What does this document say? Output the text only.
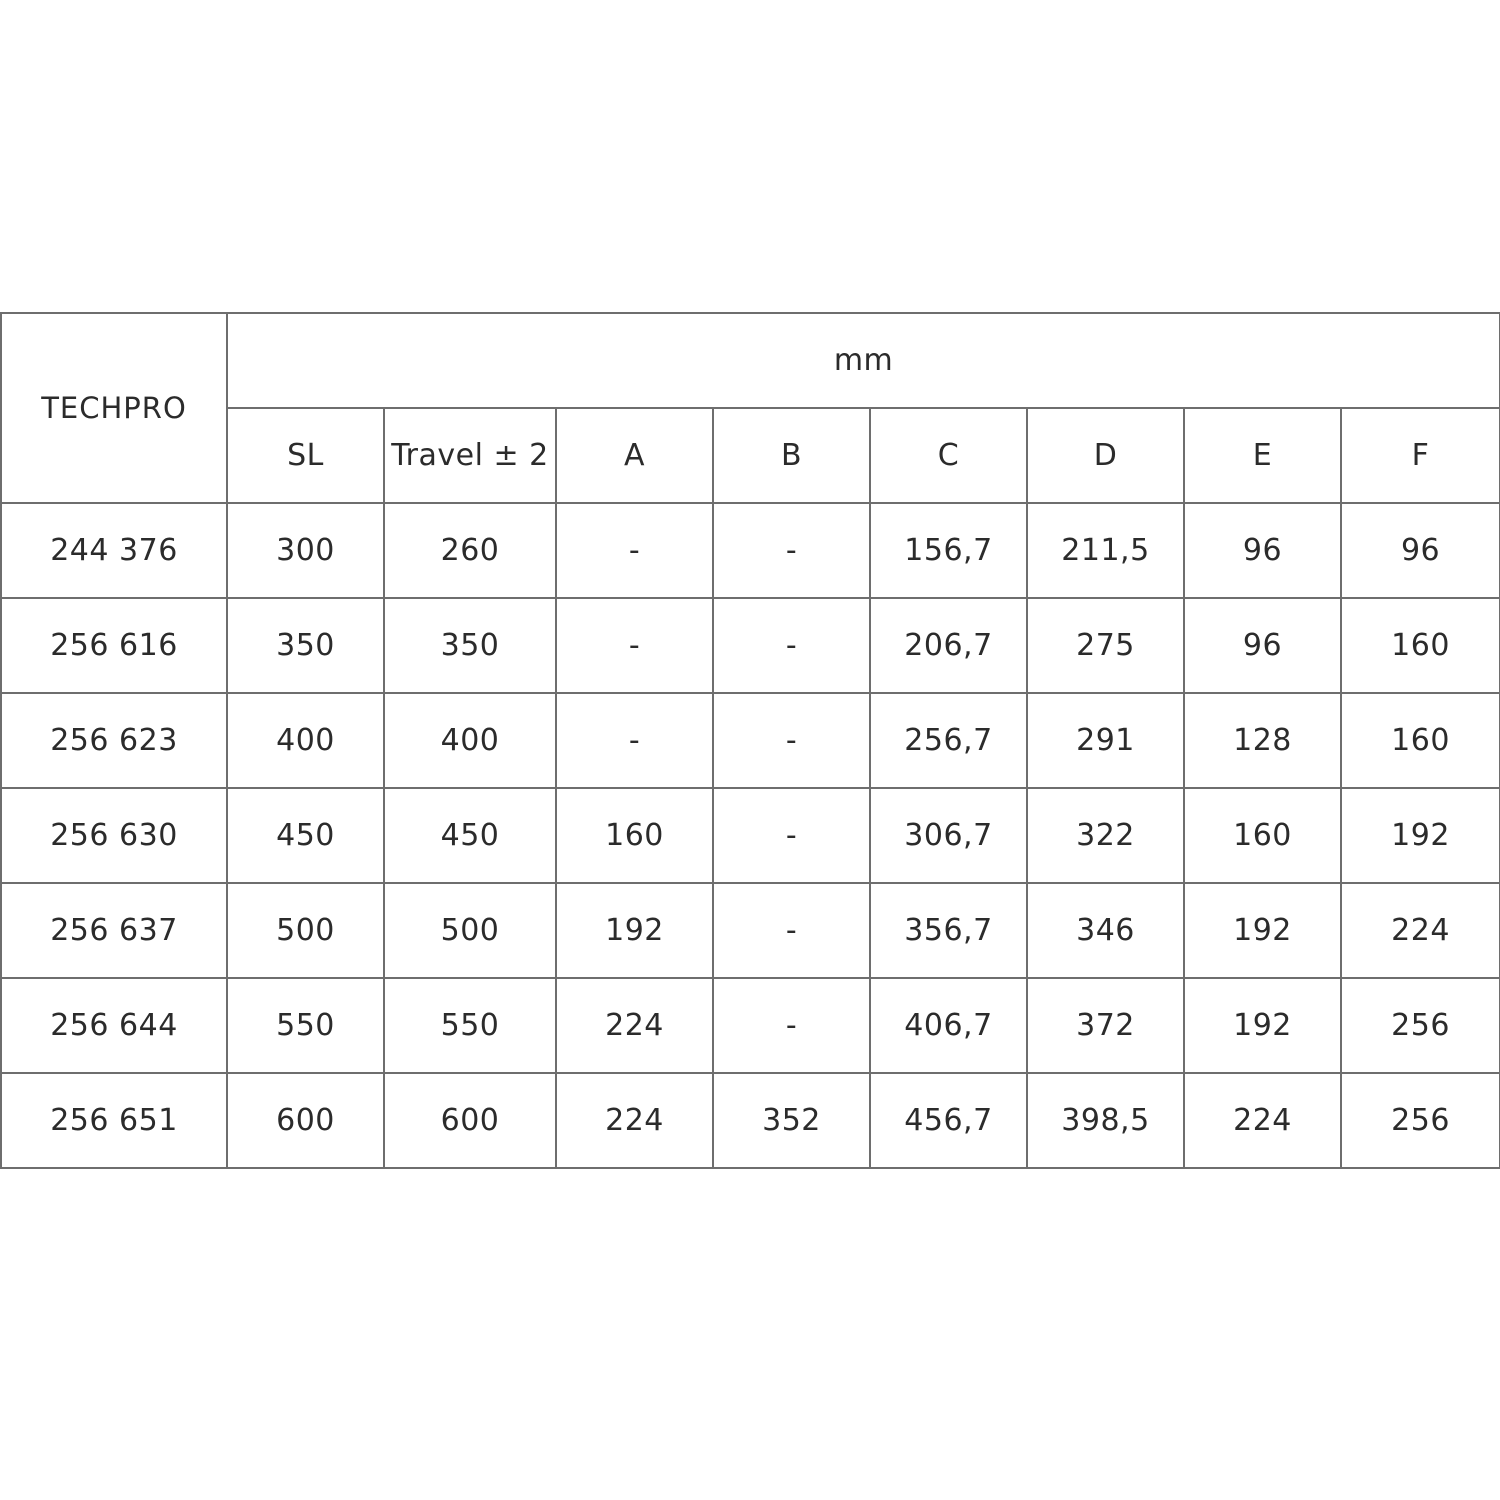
TECHPRO	mm							
	SL	Travel ± 2	A	B	C	D	E	F
244 376	300	260	-	-	156,7	211,5	96	96
256 616	350	350	-	-	206,7	275	96	160
256 623	400	400	-	-	256,7	291	128	160
256 630	450	450	160	-	306,7	322	160	192
256 637	500	500	192	-	356,7	346	192	224
256 644	550	550	224	-	406,7	372	192	256
256 651	600	600	224	352	456,7	398,5	224	256
